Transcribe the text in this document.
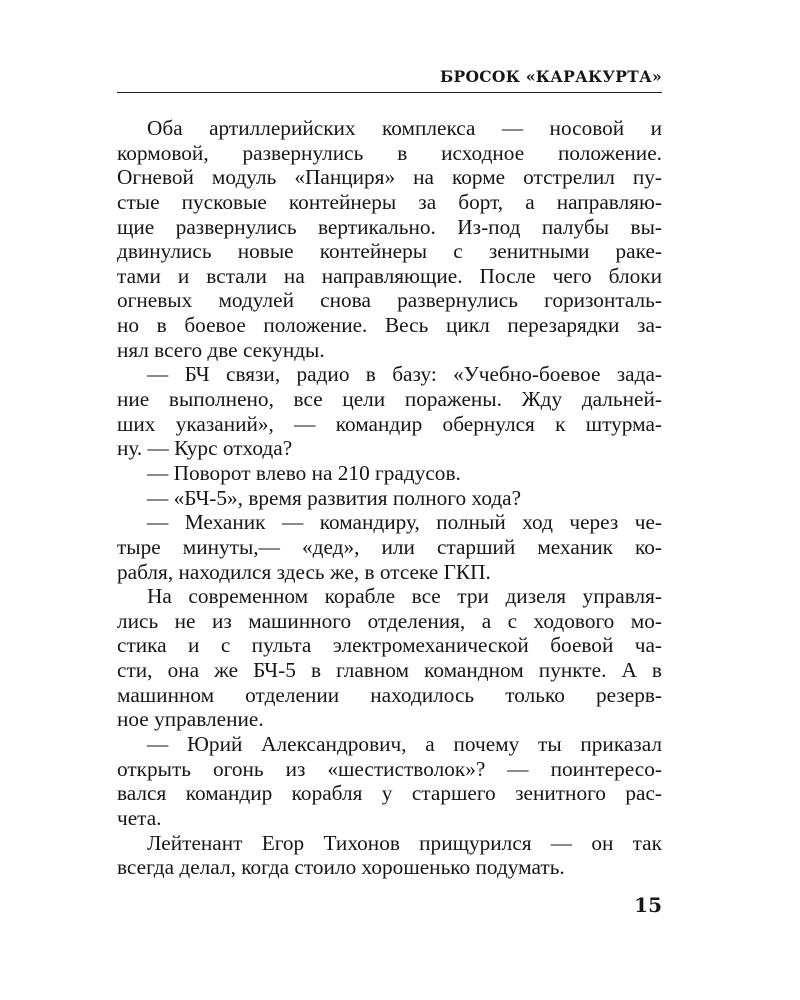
БРОСОК «КАРАКУРТА»
Оба артиллерийских комплекса — носовой и
кормовой, развернулись в исходное положение.
Огневой модуль «Панциря» на корме отстрелил пу-
стые пусковые контейнеры за борт, а направляю-
щие развернулись вертикально. Из-под палубы вы-
двинулись новые контейнеры с зенитными раке-
тами и встали на направляющие. После чего блоки
огневых модулей снова развернулись горизонталь-
но в боевое положение. Весь цикл перезарядки за-
нял всего две секунды.
— БЧ связи, радио в базу: «Учебно-боевое зада-
ние выполнено, все цели поражены. Жду дальней-
ших указаний», — командир обернулся к штурма-
ну. — Курс отхода?
— Поворот влево на 210 градусов.
— «БЧ-5», время развития полного хода?
— Механик — командиру, полный ход через че-
тыре минуты,— «дед», или старший механик ко-
рабля, находился здесь же, в отсеке ГКП.
На современном корабле все три дизеля управля-
лись не из машинного отделения, а с ходового мо-
стика и с пульта электромеханической боевой ча-
сти, она же БЧ-5 в главном командном пункте. А в
машинном отделении находилось только резерв-
ное управление.
— Юрий Александрович, а почему ты приказал
открыть огонь из «шестистволок»? — поинтересо-
вался командир корабля у старшего зенитного рас-
чета.
Лейтенант Егор Тихонов прищурился — он так
всегда делал, когда стоило хорошенько подумать.
15
